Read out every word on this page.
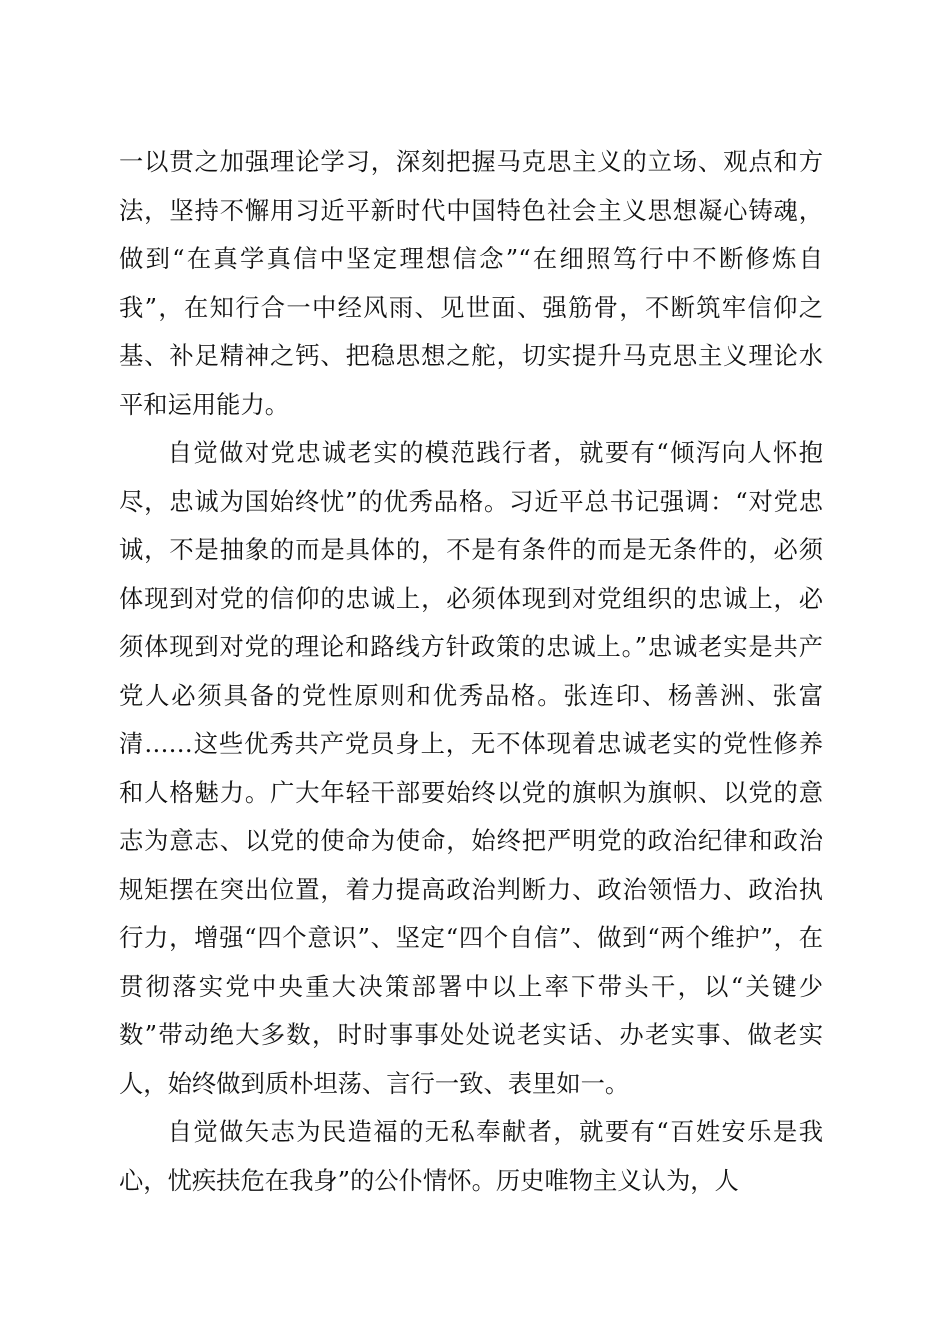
一以贯之加强理论学习，深刻把握马克思主义的立场、观点和方法，坚持不懈用习近平新时代中国特色社会主义思想凝心铸魂，做到“在真学真信中坚定理想信念”“在细照笃行中不断修炼自我”，在知行合一中经风雨、见世面、强筋骨，不断筑牢信仰之基、补足精神之钙、把稳思想之舵，切实提升马克思主义理论水平和运用能力。

自觉做对党忠诚老实的模范践行者，就要有“倾泻向人怀抱尽，忠诚为国始终忧”的优秀品格。习近平总书记强调：“对党忠诚，不是抽象的而是具体的，不是有条件的而是无条件的，必须体现到对党的信仰的忠诚上，必须体现到对党组织的忠诚上，必须体现到对党的理论和路线方针政策的忠诚上。”忠诚老实是共产党人必须具备的党性原则和优秀品格。张连印、杨善洲、张富清……这些优秀共产党员身上，无不体现着忠诚老实的党性修养和人格魅力。广大年轻干部要始终以党的旗帜为旗帜、以党的意志为意志、以党的使命为使命，始终把严明党的政治纪律和政治规矩摆在突出位置，着力提高政治判断力、政治领悟力、政治执行力，增强“四个意识”、坚定“四个自信”、做到“两个维护”，在贯彻落实党中央重大决策部署中以上率下带头干，以“关键少数”带动绝大多数，时时事事处处说老实话、办老实事、做老实人，始终做到质朴坦荡、言行一致、表里如一。

自觉做矢志为民造福的无私奉献者，就要有“百姓安乐是我心，忧疾扶危在我身”的公仆情怀。历史唯物主义认为，人
